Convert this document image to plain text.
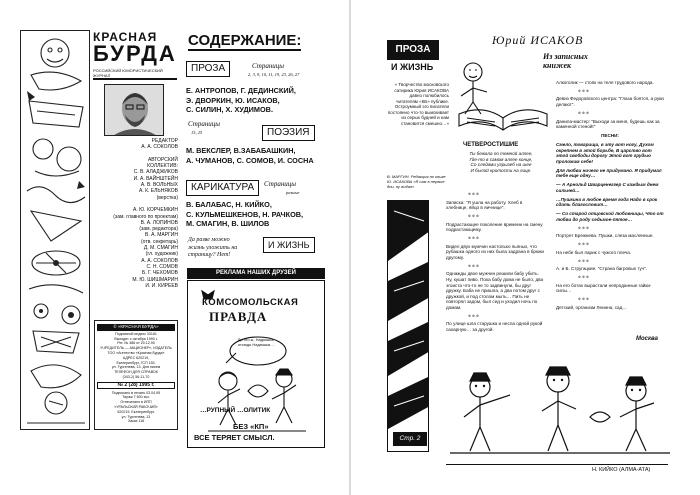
КРАСНАЯ
БУРДА
РОССИЙСКИЙ ЮМОРИСТИЧЕСКИЙ ЖУРНАЛ
РЕДАКТОР
А. А. СОКОЛОВ

АВТОРСКИЙ
КОЛЛЕКТИВ:
С. В. АЛАДЖИКОВ
И. А. ВАЙНШТЕЙН
А. В. ВОЛЬНЫХ
А. К. ЕЛЬНЯКОВ
(верстка)

А. Ю. КОРЧЕМКИН
(зам. главного по проектам)
В. А. ЛОПИНОВ
(зам. редактора)
В. А. МАРГИН
(отв. секретарь)
Д. М. СМАГИН
(гл. художник)
А. А. СОКОЛОВ
С. Н. СОМОВ
Б. Г. ЧЕХОМОВ
М. Ю. ШИШМАРИН
И. И. КИРЕЕВ
© «КРАСНАЯ БУРДА»
Подписной индекс 33181
Выходит с октября 1990 г.
Рег. № 486 от 20.12.90
УЧРЕДИТЕЛЬ — АКЦИОНЕР», ИЗДАТЕЛЬ
ТОО «Агентство «Красная Бурда»
АДРЕС 620219,
Екатеринбург, ГСП 153,
ул. Тургенева, 13. Для писем
ТЕЛЕФОН ДЛЯ СПРАВОК
(343-2) 56-11-70
№ 2 (28) 1995 г.
Подписано в печать 03.04.95
Тираж 7 600 экз.
Отпечатано в ИПП
«УРАЛЬСКИЙ РАБОЧИЙ»
620219, Екатеринбург,
ул. Тургенева, 13
Заказ 118
СОДЕРЖАНИЕ:
ПРОЗА	Страницы
2, 3, 9, 10, 11, 19, 23, 26, 27
Е. АНТРОПОВ, Г. ДЕДИНСКИЙ,
Э. ДВОРКИН, Ю. ИСАКОВ,
С. СИЛИН, Х. ХУДИМОВ.
Страницы
15, 25	ПОЭЗИЯ
М. ВЕКСЛЕР, В.ЗАБАБАШКИН,
А. ЧУМАНОВ, С. СОМОВ, И. СОСНА
КАРИКАТУРА	Страницы
разные
В. БАЛАБАС, Н. КИЙКО,
С. КУЛЬМЕШКЕНОВ, Н. РАЧКОВ,
М. СМАГИН, В. ШИЛОВ
Да разве можно
жизнь уложить на
страницу? Нет!
И ЖИЗНЬ
РЕКЛАМА НАШИХ ДРУЗЕЙ
КОМСОМОЛЬСКАЯ
ПРАВДА
Да это ж, Надюшка, отсюдо Надюшка…
…РУПНЫЙ …ОЛИТИК
БЕЗ «КП»
ВСЕ ТЕРЯЕТ СМЫСЛ.
ПРОЗА
И ЖИЗНЬ
Юрий ИСАКОВ
Из записных книжек
« Творчество московского сатирика Юрия ИСАКОВА давно полюбилось читателям «КБ» публике. Остроумный эго писатели постоянно что-то выискивает из серых будней и нам становится смешно…»
В. МАРГИН. Редакция по книге Ю. ИСАКОВА «Я сам в первые дни, ну видал»
Стр. 2
ЧЕТВЕРОСТИШИЕ
Ты бежала по темной аллее,
Где-то в самом аллее конце,
Со следами угрызеб на шее
И былой кротости на лице.
✲ ✲ ✲

Записка: "Я ушла на работу. Хлеб в хлебнице, яйцо в яичнице".

✲ ✲ ✲

Подрастающее поколение времени на смену подрастающему.

✲ ✲ ✲

Видел двух мужчин настолько пьяных, что рубашка одного из них была задрана в брюки другому.

✲ ✲ ✲

Однажды двое мужчин решили бабу убить. Ну, кушат пиво. Пока бабу дома не было, два эгоиста что-то не то задвинули, бы друг дружку. Баба не пришла, а два потом друг с дружкой, и под столом мыть… Пить не повторял задом, был сед и уходил ночь по домам.

✲ ✲ ✲

По улице шла старушка и несла одной рукой сахарную… за другой.

Алкоголик — стопк на теле трудового народа.

✲ ✲ ✲

Девиз Федоровского центра: "Глаза боятся, а руки делают".

✲ ✲ ✲

Данила-мастер: "Выходи за меня, будешь как за каменной стеной!"

ПЕСНИ:

Смело, товарищи, в эту вот ногу, Духом окрепнем в этой борьбе, В царство вот этой свободы дорогу Этой вот грудью проложим себе!

Для любви ничего не придумано. Я придумал тебе еще одну…

— А Арнольд Шварценеггер С каждым днем сильней…

…Пушкина в любое время года Надо в срок сдать благословит…

— Со старой отцовской любовницы, Что от любви до роду седьмое-пятое…

✲ ✲ ✲

Портрет Брежнева. Пушки, слеза маслянные.

✲ ✲ ✲

На небе был парик с чужого плеча.

✲ ✲ ✲

А. и Б. Стругацкие. "Страна багровых туч".

✲ ✲ ✲

На его ботах вырастали непроданные гайки-силы…

✲ ✲ ✲

Детский, организм Ленина, сад…

Москва
Н. КИЙКО (АЛМА-АТА)
